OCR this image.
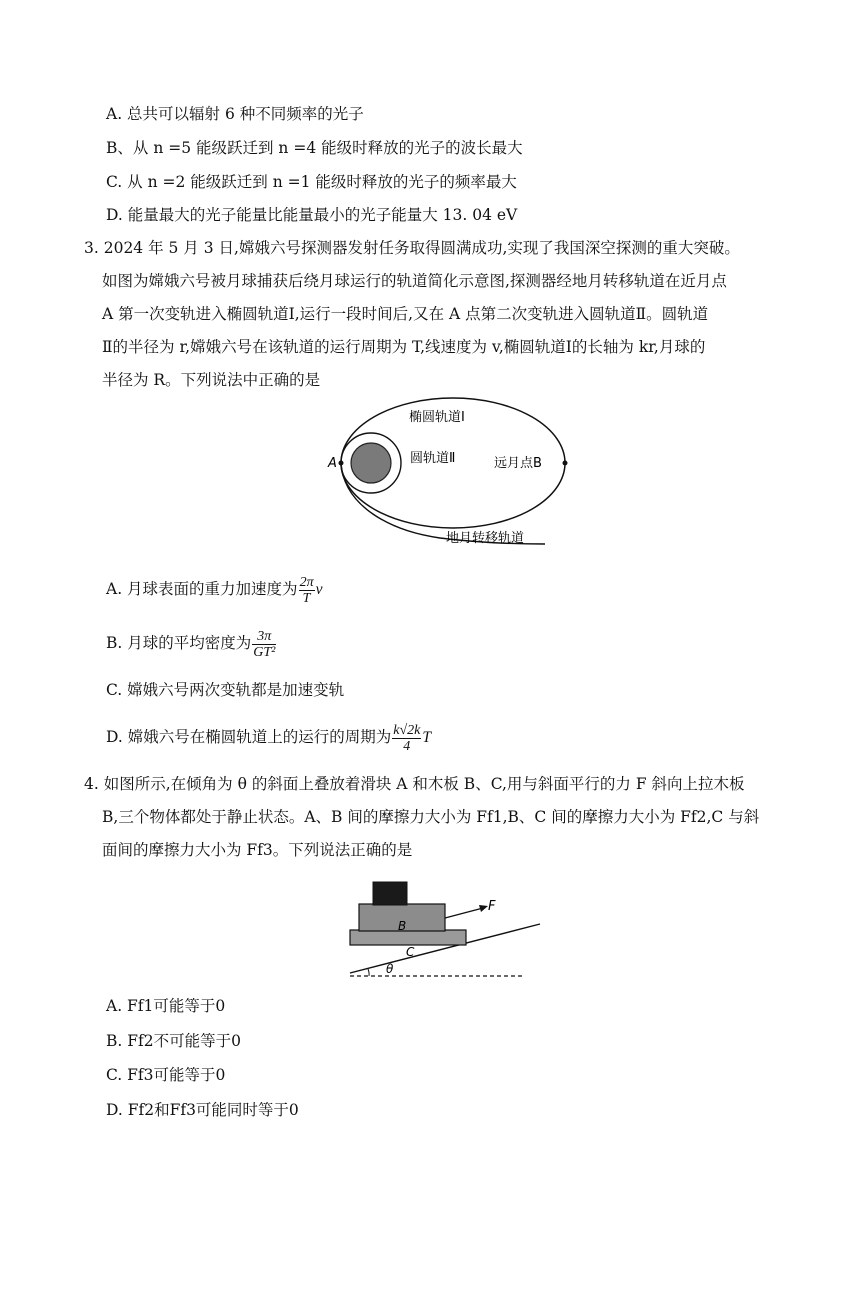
A. 总共可以辐射 6 种不同频率的光子
B、从 n =5 能级跃迁到 n =4 能级时释放的光子的波长最大
C. 从 n =2 能级跃迁到 n =1 能级时释放的光子的频率最大
D. 能量最大的光子能量比能量最小的光子能量大 13. 04 eV
3. 2024 年 5 月 3 日,嫦娥六号探测器发射任务取得圆满成功,实现了我国深空探测的重大突破。
如图为嫦娥六号被月球捕获后绕月球运行的轨道简化示意图,探测器经地月转移轨道在近月点
A 第一次变轨进入椭圆轨道Ⅰ,运行一段时间后,又在 A 点第二次变轨进入圆轨道Ⅱ。圆轨道
Ⅱ的半径为 r,嫦娥六号在该轨道的运行周期为 T,线速度为 v,椭圆轨道Ⅰ的长轴为 kr,月球的
半径为 R。下列说法中正确的是
椭圆轨道Ⅰ
圆轨道Ⅱ
A	远月点B
地月转移轨道
A. 月球表面的重力加速度为 $\frac{2\pi}{T}$ v
B. 月球的平均密度为 $\frac{3\pi}{\text{GT²}}$
C. 嫦娥六号两次变轨都是加速变轨
D. 嫦娥六号在椭圆轨道上的运行的周期为 $\frac{k√2k}{4}$ T
4. 如图所示,在倾角为 θ 的斜面上叠放着滑块 A 和木板 B、C,用与斜面平行的力 F 斜向上拉木板
B,三个物体都处于静止状态。A、B 间的摩擦力大小为 Ff1,B、C 间的摩擦力大小为 Ff2,C 与斜
面间的摩擦力大小为 Ff3。下列说法正确的是
F
B
C
θ
A. Ff1可能等于0
B. Ff2不可能等于0
C. Ff3可能等于0
D. Ff2和Ff3可能同时等于0
